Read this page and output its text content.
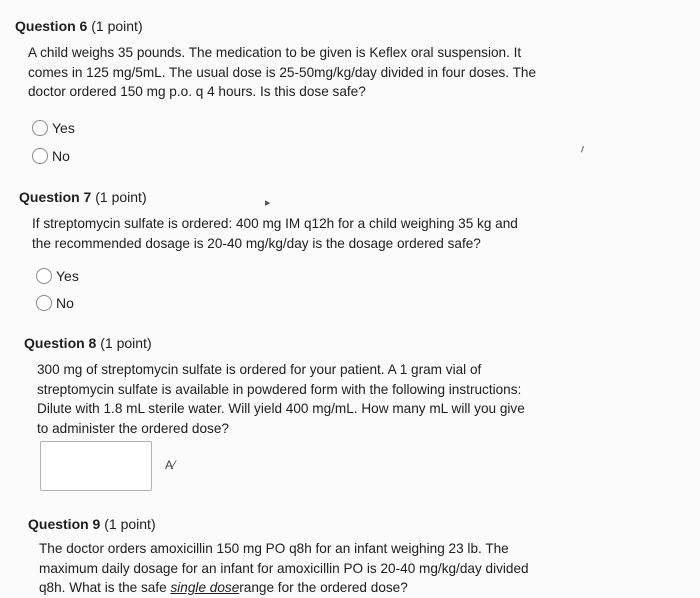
Question 6 (1 point)
A child weighs 35 pounds. The medication to be given is Keflex oral suspension. It
comes in 125 mg/5mL. The usual dose is 25-50mg/kg/day divided in four doses. The
doctor ordered 150 mg p.o. q 4 hours. Is this dose safe?
Yes
No
Question 7 (1 point)
If streptomycin sulfate is ordered: 400 mg IM q12h for a child weighing 35 kg and
the recommended dosage is 20-40 mg/kg/day is the dosage ordered safe?
Yes
No
Question 8 (1 point)
300 mg of streptomycin sulfate is ordered for your patient. A 1 gram vial of
streptomycin sulfate is available in powdered form with the following instructions:
Dilute with 1.8 mL sterile water. Will yield 400 mg/mL. How many mL will you give
to administer the ordered dose?
A⁄
Question 9 (1 point)
The doctor orders amoxicillin 150 mg PO q8h for an infant weighing 23 lb. The
maximum daily dosage for an infant for amoxicillin PO is 20-40 mg/kg/day divided
q8h. What is the safe single doserange for the ordered dose?
╵
▸
